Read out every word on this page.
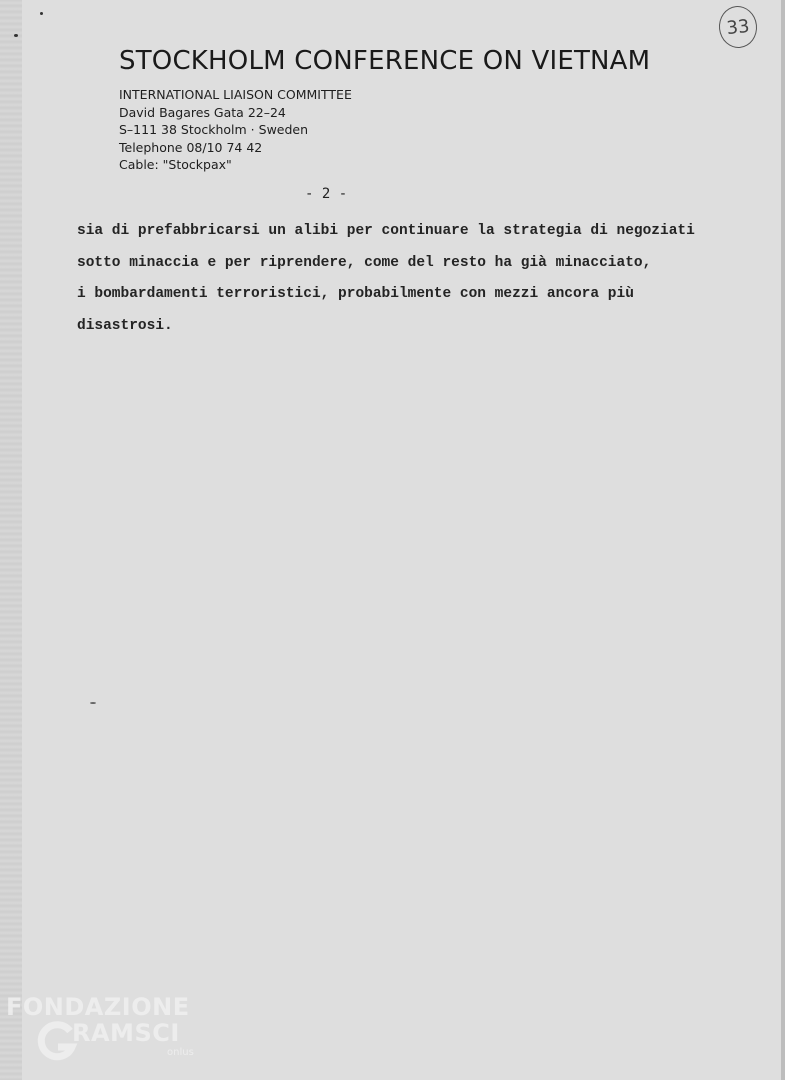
33
STOCKHOLM CONFERENCE ON VIETNAM
INTERNATIONAL LIAISON COMMITTEE
David Bagares Gata 22–24
S–111 38 Stockholm · Sweden
Telephone 08/10 74 42
Cable: "Stockpax"
- 2 -
sia di prefabbricarsi un alibi per continuare la strategia di negoziati
sotto minaccia e per riprendere, come del resto ha già minacciato,
i bombardamenti terroristici, probabilmente con mezzi ancora più
disastrosi.
FONDAZIONE
RAMSCI
onlus
